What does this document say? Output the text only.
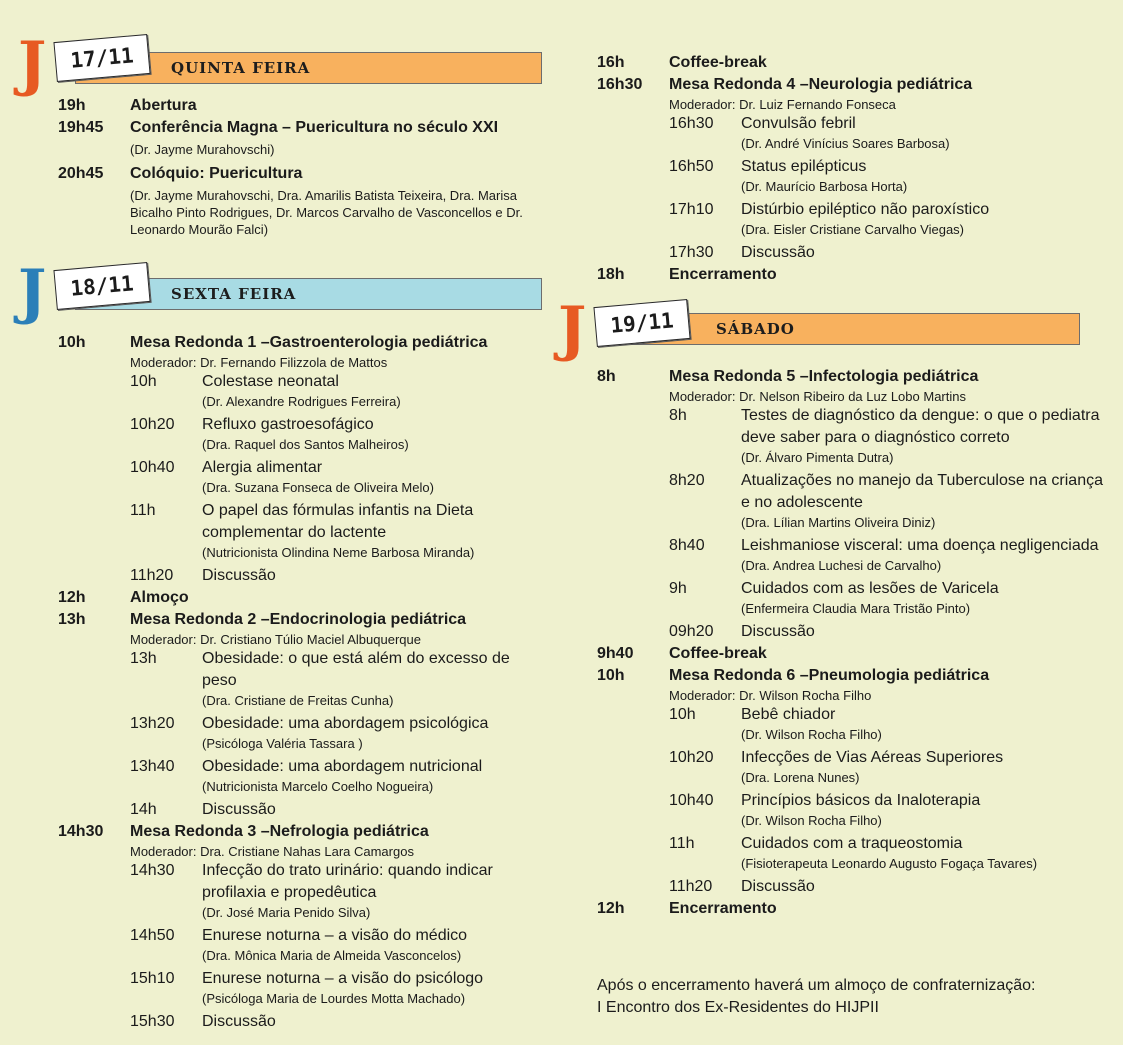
QUINTA FEIRA
17/11
J
19h	Abertura
19h45 Conferência Magna – Puericultura no século XXI
(Dr. Jayme Murahovschi)
20h45 Colóquio: Puericultura
(Dr. Jayme Murahovschi, Dra. Amarilis Batista Teixeira, Dra. Marisa Bicalho Pinto Rodrigues, Dr. Marcos Carvalho de Vasconcellos e Dr. Leonardo Mourão Falci)
SEXTA FEIRA
18/11
J
10h	Mesa Redonda 1 –Gastroenterologia pediátrica
Moderador: Dr. Fernando Filizzola de Mattos
10h	Colestase neonatal
(Dr. Alexandre Rodrigues Ferreira)
10h20 Refluxo gastroesofágico
(Dra. Raquel dos Santos Malheiros)
10h40 Alergia alimentar
(Dra. Suzana Fonseca de Oliveira Melo)
11h	O papel das fórmulas infantis na Dieta complementar do lactente
(Nutricionista Olindina Neme Barbosa Miranda)
11h20 Discussão
12h	Almoço
13h	Mesa Redonda 2 –Endocrinologia pediátrica
Moderador: Dr. Cristiano Túlio Maciel Albuquerque
13h	Obesidade: o que está além do excesso de peso
(Dra. Cristiane de Freitas Cunha)
13h20 Obesidade: uma abordagem psicológica
(Psicóloga Valéria Tassara )
13h40 Obesidade: uma abordagem nutricional
(Nutricionista Marcelo Coelho Nogueira)
14h	Discussão
14h30 Mesa Redonda 3 –Nefrologia pediátrica
Moderador: Dra. Cristiane Nahas Lara Camargos
14h30 Infecção do trato urinário: quando indicar profilaxia e propedêutica
(Dr. José Maria Penido Silva)
14h50 Enurese noturna – a visão do médico
(Dra. Mônica Maria de Almeida Vasconcelos)
15h10 Enurese noturna – a visão do psicólogo
(Psicóloga Maria de Lourdes Motta Machado)
15h30 Discussão
16h	Coffee-break
16h30 Mesa Redonda 4 –Neurologia pediátrica
Moderador: Dr. Luiz Fernando Fonseca
16h30 Convulsão febril
(Dr. André Vinícius Soares Barbosa)
16h50 Status epilépticus
(Dr. Maurício Barbosa Horta)
17h10 Distúrbio epiléptico não paroxístico
(Dra. Eisler Cristiane Carvalho Viegas)
17h30 Discussão
18h	Encerramento
SÁBADO
19/11
J
8h	Mesa Redonda 5 –Infectologia pediátrica
Moderador: Dr. Nelson Ribeiro da Luz Lobo Martins
8h	Testes de diagnóstico da dengue: o que o pediatra deve saber para o diagnóstico correto
(Dr. Álvaro Pimenta Dutra)
8h20 Atualizações no manejo da Tuberculose na criança e no adolescente
(Dra. Lílian Martins Oliveira Diniz)
8h40 Leishmaniose visceral: uma doença negligenciada
(Dra. Andrea Luchesi de Carvalho)
9h	Cuidados com as lesões de Varicela
(Enfermeira Claudia Mara Tristão Pinto)
09h20 Discussão
9h40 Coffee-break
10h	Mesa Redonda 6 –Pneumologia pediátrica
Moderador: Dr. Wilson Rocha Filho
10h	Bebê chiador
(Dr. Wilson Rocha Filho)
10h20 Infecções de Vias Aéreas Superiores
(Dra. Lorena Nunes)
10h40 Princípios básicos da Inaloterapia
(Dr. Wilson Rocha Filho)
11h	Cuidados com a traqueostomia
(Fisioterapeuta Leonardo Augusto Fogaça Tavares)
11h20 Discussão
12h	Encerramento
Após o encerramento haverá um almoço de confraternização:
I Encontro dos Ex-Residentes do HIJPII
